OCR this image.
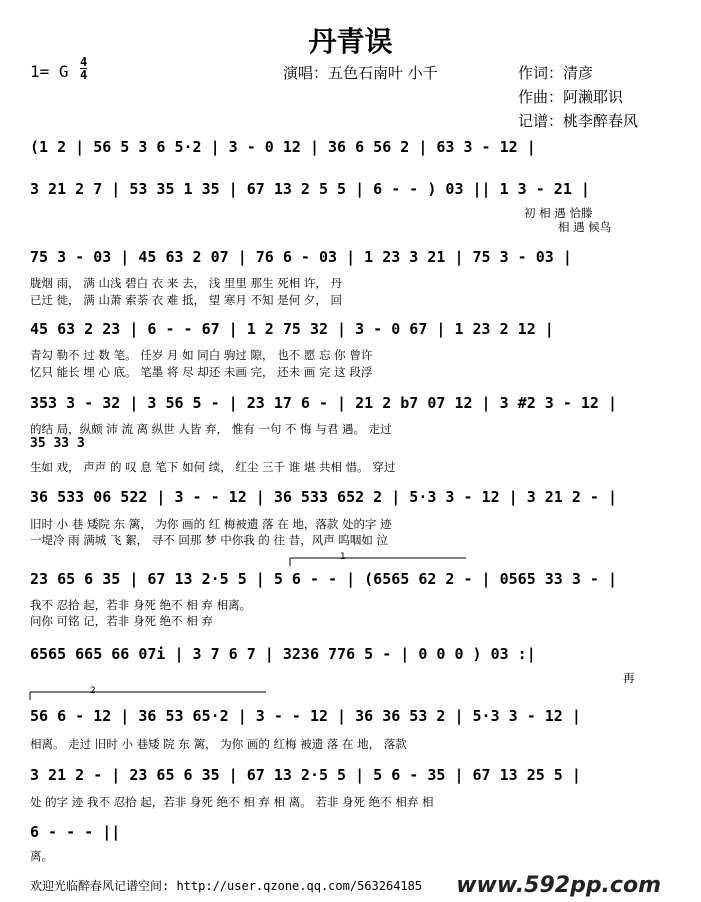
丹青误
1= G 4
4	演唱：五色石南叶 小千	作词：清彦
作曲：阿濑耶识
记谱：桃李醉春风
(1 2 | 56 5 3 6 5·2 | 3 - 0 12 | 36 6 56 2 | 63 3 - 12 |
3 21 2 7 | 53 35 1 35 | 67 13 2 5 5 | 6 - - ) 03 || 1 3 - 21 |
初 相 遇 恰滕
相 遇 候鸟
75 3 - 03 | 45 63 2 07 | 76 6 - 03 | 1 23 3 21 | 75 3 - 03 |
胧烟 雨， 满 山浅 碧白 衣 来 去， 浅 里里 那生 死相 许， 丹
已迁 徙， 满 山萧 索荼 衣 难 抵， 望 寒月 不知 是何 夕， 回
45 63 2 23 | 6 - - 67 | 1 2 75 32 | 3 - 0 67 | 1 23 2 12 |
青勾 勒不 过 数 笔。 任岁 月 如 同白 驹过 隙， 也不 愿 忘 你 曾许
忆只 能长 埋 心 底。 笔墨 将 尽 却还 未画 完， 还未 画 完 这 段浮
353 3 - 32 | 3 56 5 - | 23 17 6 - | 21 2 b7 07 12 | 3 #2 3 - 12 |
的结 局，纵颇 沛 流 离 纵世 人皆 弃， 惟有 一句 不 悔 与君 遇。 走过
35 33 3
生如 戏， 声声 的 叹 息 笔下 如何 续， 红尘 三千 谁 堪 共相 惜。 穿过
36 533 06 522 | 3 - - 12 | 36 533 652 2 | 5·3 3 - 12 | 3 21 2 - |
旧时 小 巷 矮院 东 篱， 为你 画的 红 梅被遗 落 在 地，落款 处的字 迹
一堤冷 雨 满城 飞 絮， 寻不 回那 梦 中你我 的 往 昔，风声 呜咽如 泣
1
23 65 6 35 | 67 13 2·5 5 | 5 6 - - | (6565 62 2 - | 0565 33 3 - |
我不 忍拾 起，若非 身死 绝不 相 弃 相离。
问你 可铭 记，若非 身死 绝不 相 弃
6565 665 66 07i | 3 7 6 7 | 3236 776 5 - | 0 0 0 ) 03 :|
再
2
56 6 - 12 | 36 53 65·2 | 3 - - 12 | 36 36 53 2 | 5·3 3 - 12 |
相离。 走过 旧时 小 巷矮 院 东 篱， 为你 画的 红梅 被遗 落 在 地， 落款
3 21 2 - | 23 65 6 35 | 67 13 2·5 5 | 5 6 - 35 | 67 13 25 5 |
处 的字 迹 我不 忍拾 起，若非 身死 绝不 相 弃 相 离。 若非 身死 绝不 相弃 相
6 - - - ||
离。
欢迎光临醉春风记谱空间: http://user.qzone.qq.com/563264185 www.592pp.com
